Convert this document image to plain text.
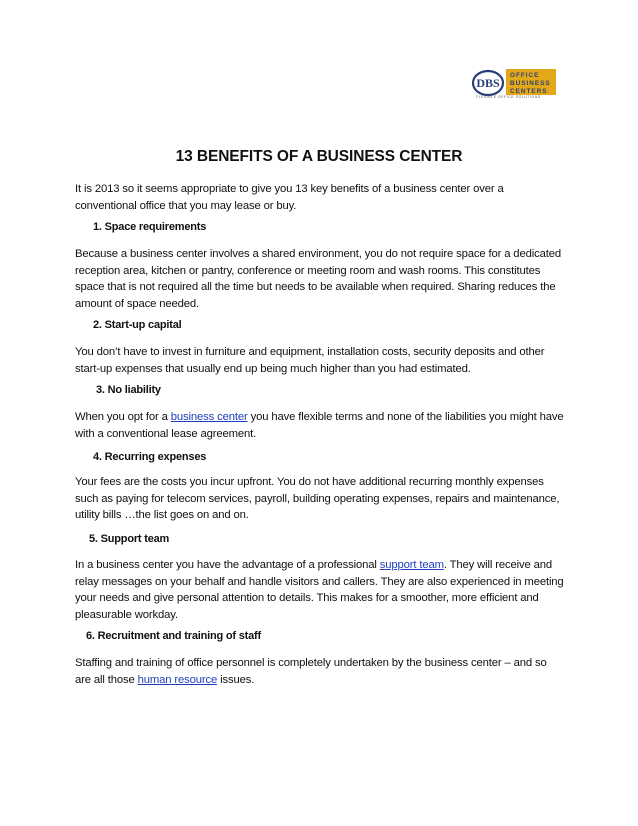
DBS
OFFICE
BUSINESS
CENTERS
FLEXIBLE OFFICE SOLUTIONS
13 BENEFITS OF A BUSINESS CENTER

It is 2013 so it seems appropriate to give you 13 key benefits of a business center over a conventional office that you may lease or buy.

1. Space requirements

Because a business center involves a shared environment, you do not require space for a dedicated reception area, kitchen or pantry, conference or meeting room and wash rooms. This constitutes space that is not required all the time but needs to be available when required. Sharing reduces the amount of space needed.

2. Start-up capital

You don’t have to invest in furniture and equipment, installation costs, security deposits and other start-up expenses that usually end up being much higher than you had estimated.

3. No liability

When you opt for a business center you have flexible terms and none of the liabilities you might have with a conventional lease agreement.

4. Recurring expenses

Your fees are the costs you incur upfront. You do not have additional recurring monthly expenses such as paying for telecom services, payroll, building operating expenses, repairs and maintenance, utility bills …the list goes on and on.

5. Support team

In a business center you have the advantage of a professional support team. They will receive and relay messages on your behalf and handle visitors and callers. They are also experienced in meeting your needs and give personal attention to details. This makes for a smoother, more efficient and pleasurable workday.

6. Recruitment and training of staff

Staffing and training of office personnel is completely undertaken by the business center – and so are all those human resource issues.
